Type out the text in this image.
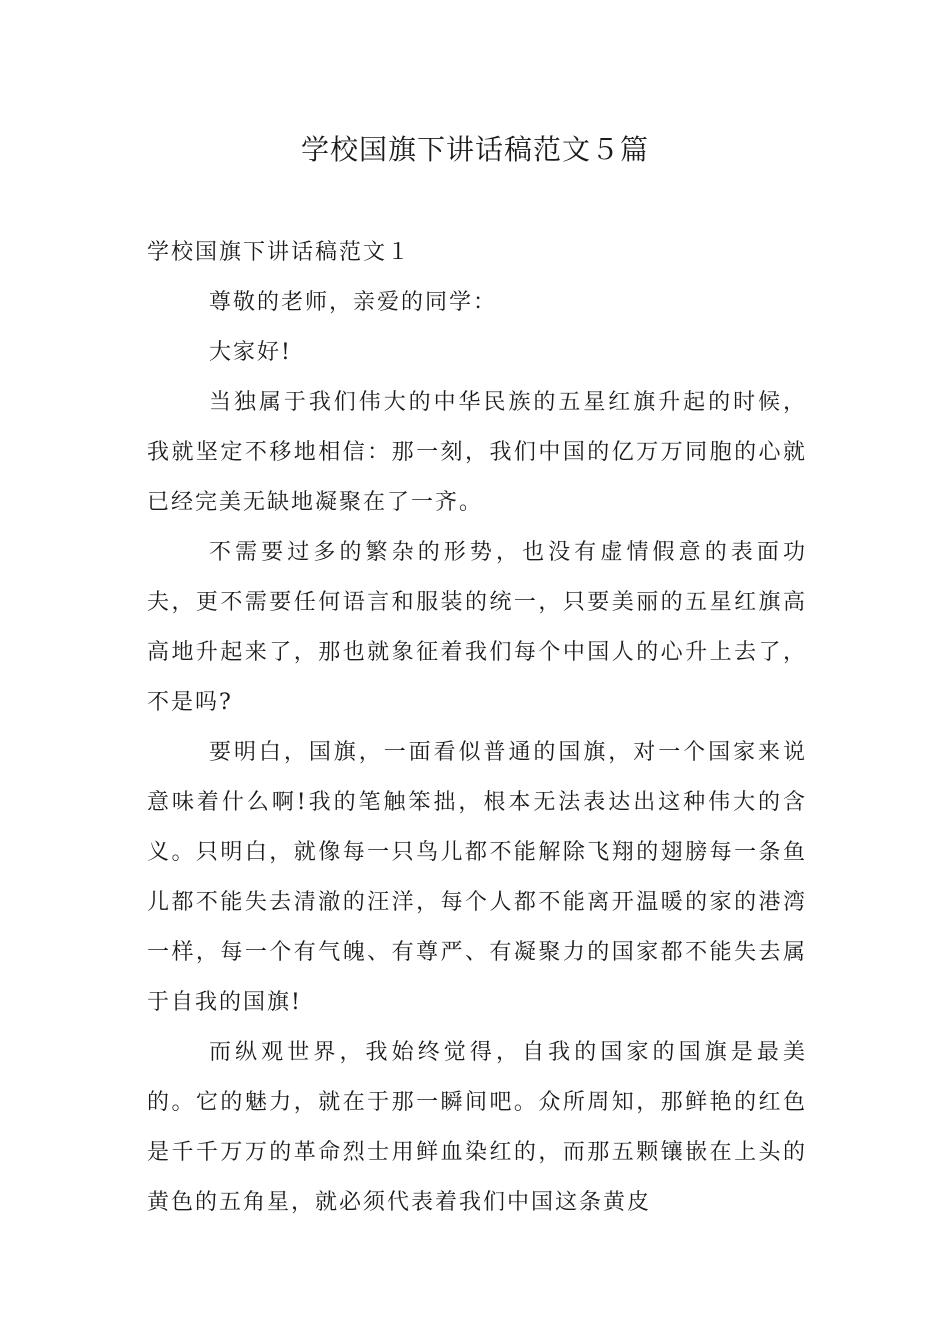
学校国旗下讲话稿范文５篇

学校国旗下讲话稿范文１

尊敬的老师，亲爱的同学：

大家好!

当独属于我们伟大的中华民族的五星红旗升起的时候，我就坚定不移地相信：那一刻，我们中国的亿万万同胞的心就已经完美无缺地凝聚在了一齐。

不需要过多的繁杂的形势，也没有虚情假意的表面功夫，更不需要任何语言和服装的统一，只要美丽的五星红旗高高地升起来了，那也就象征着我们每个中国人的心升上去了，不是吗?

要明白，国旗，一面看似普通的国旗，对一个国家来说意味着什么啊!我的笔触笨拙，根本无法表达出这种伟大的含义。只明白，就像每一只鸟儿都不能解除飞翔的翅膀每一条鱼儿都不能失去清澈的汪洋，每个人都不能离开温暖的家的港湾一样，每一个有气魄、有尊严、有凝聚力的国家都不能失去属于自我的国旗!

而纵观世界，我始终觉得，自我的国家的国旗是最美的。它的魅力，就在于那一瞬间吧。众所周知，那鲜艳的红色是千千万万的革命烈士用鲜血染红的，而那五颗镶嵌在上头的黄色的五角星，就必须代表着我们中国这条黄皮
